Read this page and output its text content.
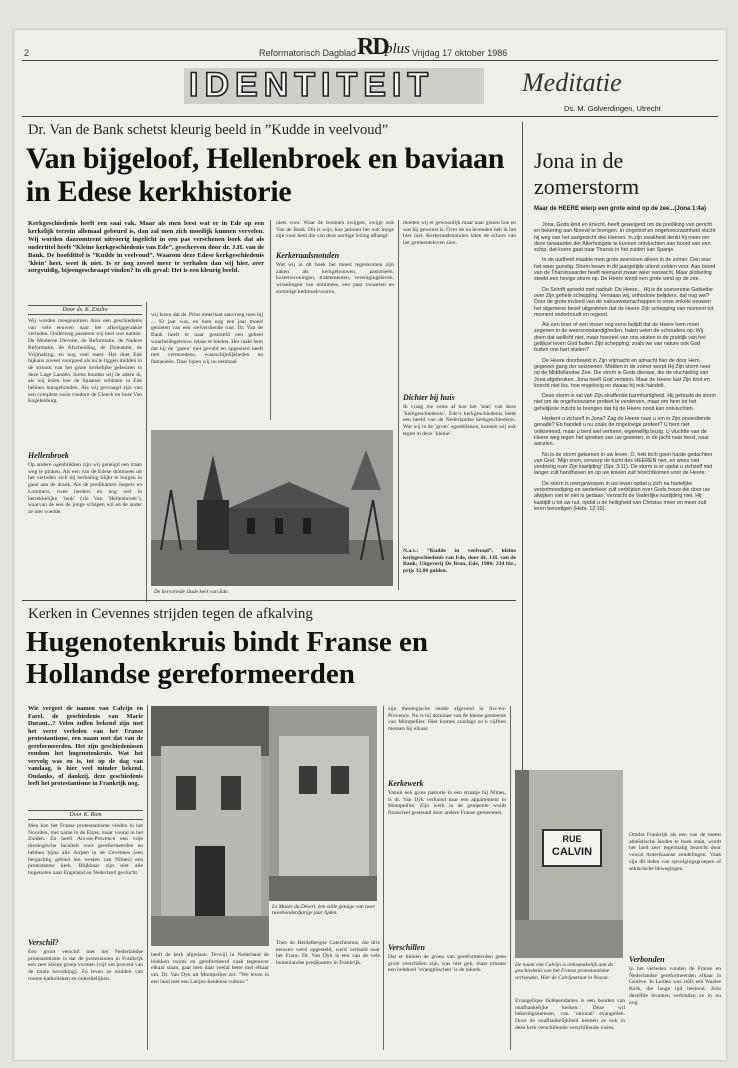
2	Reformatorisch Dagblad RD
plus Vrijdag 17 oktober 1986
IDENTITEIT	Meditatie
Ds. M. Golverdingen, Utrecht
Dr. Van de Bank schetst kleurig beeld in ”Kudde in veelvoud”
Van bijgeloof, Hellenbroek en baviaan in Edese kerkhistorie
Kerkgeschiedenis heeft een saai vak. Maar als men leest wat er in Ede op een kerkelijk terrein allemaal gebeurd is, dan zal men zich moeilijk kunnen vervelen. Wij worden daaromtrent uitvoerig ingelicht in een pas verschenen boek dat als ondertitel heeft ”Kleine kerkgeschiedenis van Ede”, geschreven door dr. J.H. van de Bank. De hoofdtitel is ”Kudde in veelvoud”. Waarom deze Edese kerkgeschiedenis ’klein’ heet, weet ik niet. Is er nog zoveel meer te verhalen dan wij hier, zeer zorgvuldig, bijeengeschraapt vinden? In elk geval: Het is een kleurig beeld.
Door ds. K. Exalto
Wij worden meegenomen door een geschiedenis van vele eeuwen naar het afkeriggeraakte verleden. Onderweg passeren wij heel wat namen. De Moderne Devotie, de Reformatie, de Nadere Reformatie, de Afscheiding, de Doleantie, de Vrijmaking, en nog veel meer. Het doet Ede bijkans zoveel voorgoed als nu te liggen midden in de stroom van het grote kerkelijke gebeuren in deze Lage Landen. Soms houden wij de adem in, als wij lezen hoe de Spaanse soldaten in Ede hebben huisgehouden. Als wij gevraagd zijn van een complete ruzie rondom de Cleeck en boer Van Engelenburg.
Hellenbroek
Op andere ogenblikken zijn wij geneigd een traan weg te pinken. Als een van de Edese dominees uit het verleden zich bij herhaling blijkt te buigen in gaan aan de drank. Als de predikanten Jaspers en Lommers, twee herders en nog wel in betrekkelijke ’lenk’ (zie Van ’Hellenbroek’), waarvan de een de jonge schapen wil en de ander ze niet voedde.
wij lezen dat ds. Prins emeritaat aanvroeg toen hij ... 92 jaar was, en toen nog een jaar moest genieten van een welverdiende rust. Dr. Van de Bank heeft er naar gestreefd een geheel waarheidsgetrouw relaas te bieden. Het raakt hem dat hij de ’gaten’ niet gevuld en opgesierd heeft met vermoedens, waarschijnlijkheden en fantasieën. Daar lopen wij nu eenmaal
De hervormde Oude kerk van Ede.
niets voor. Waar de bronnen zwijgen, zwijgt ook Van de Bank. Dit is wijs; hoe jammer het ook moge zijn voor hem die van deze aardige lezing afhangt.
Kerkeraadsnotulen
Wat wij in dit boek het meest tegenkomen zijn zaken als kerkgebouwen, pastorieën, kosterswoningen, traktementen, verenigingsleven, wisselingen van dominees, een paar zwaarten en sommige kerkboekvooren.
moeten wij er gewoonlijk maar naar gissen hoe en wat hij gewenst is. Over de na levenden heb ik het hier niet. Kerkeraadsnotulen laten de schors van het gemeenteleven zien.
Dichter bij huis
Ik vraag me soms af hoe het ’mat’ van deze ’kerkgeschiedenis’. Ede’s kerkgeschiedenis biedt een beeld van de Nederlandse kerkgeschiedenis. Wat wij in de ’grote’ ogenblikken, kunnen wij ook tegen in deze ’kleine’.
N.a.v.: ”Kudde in veelvoud”, kleine kerkgeschiedenis van Ede, door dr. J.H. van de Bank; Uitgeverij De Bron, Ede, 1986; 234 blz., prijs 32,80 gulden.
Jona in de zomerstorm
Maar de HEERE wierp een grote wind op de zee...(Jona 1:4a)

Jona, Gods kind en knecht, heeft geweigerd om de prediking van gericht en bekering aan Ninevé te brengen. In ongeloof en ongehoorzaamheid vlucht hij weg van het aangezicht des Heeren. In zijn zwakheid denkt hij meer om deze bewaarder der Allerhoogste te kunnen ontvluchten aan boord van een schip, dat koers gaat naar Tharsis in het zuiden van Spanje.

In de oudheid maakte men grote zeereisen alleen in de zomer. Dan was het weer gunstig. Storm kwam in dit jaargetijde uiterst zelden voor. Aan boord van de Tharsisvaarder heeft niemand zwaar weer verwacht. Maar plotseling steekt een hevige storm op. De Heere werpt een grote wind op de zee.

De Schrift spreekt met nadruk: De Heere... Hij is de soevereine Gebieder over Zijn gehele schepping. Verstaan wij, orthodoxe belijders, dat nog wel? Door de grote invloed van de natuurwetenschappen is onze enkele eeuwen het algemene besef uitgesleten dat de Heere Zijn schepping van moment tot moment onderhoudt en regeert.

Als een boer of een visser nog eens belijdt dat de Heere hem moet zegenen in de weersomstandigheden, halen velen de schouders op. Wij doen dat wellicht niet, maar hoeveel van ons stuiten in de praktijk van het gelijkse leven God buiten Zijn schepping, zoals we van nature ook God buiten ons hart sluiten?

De Heere doorbreekt in Zijn vrijmacht en almacht hier de door Hem gegeven gang der seizoenen. Midden in de zomer werpt Hij Zijn storm neer op de Middellandse Zee. Die storm is Gods dienaar, die de vluchteling van Jona afgebroken. Jona heeft God verlaten. Maar de Heere laat Zijn kind en knecht niet los, hoe ongelovig en dwaas hij ook handelt.

Deze storm is val van Zijn straffende barmhartigheid. Hij gebruikt de storm niet om de ongehoorzame profeet te verderven, maar om hem tot het gehelijkste inzicht te brengen dat hij de Heere nooit kan ontvluchten.

Herkent u zichzelf in Jona? Zag de Heere naar u om in Zijn onverdiende genade? En handelt u nu zoals de ongelovige profeet? U bent niet ontkomend, maar u bent wel verloren, eigenwillig bezig. U vluchtte van de Heere weg tegen het spreken van uw geweten, in de jacht naar feest, naar aanzien.

Nu is de storm gekomen in uw leven. O, heb toch geen harde gedachten van God. ’Mijn zoon, verwerp de tucht des HEEREN niet, en wees niet verdrietig over Zijn kastijding’ (Spr. 3:11). De storm is er opdat u zichzelf niet langer zult handhaven en op uw knieën zult terechtkomen voor de Heere.

De storm is neergeworpen in uw leven opdat u zich na hartelijke verootmoediging en wederkeer zult verblijden over Gods trouw die door uw afwijken niet te niet is gedaan. Verzacht de Vaderlijke kastijding niet. Hij kastijdt u tot uw nut, opdat u de heiligheid van Christus meer en meer zult leren benodigen (Hebr. 12:10).

Kerken in Cevennes strijden tegen de afkalving
Hugenotenkruis bindt Franse en Hollandse gereformeerden
Wie vergeet de namen van Calvijn en Farel, de geschiedenis van Marie Durant...? Velen zullen bekend zijn met het verre verleden van het Franse protestantisme, een naam met dat van de gereformeerden. Het zijn geschiedenissen rondom het hugenotenkruis. Wat het vervolg was en is, tot op de dag van vandaag, is hier veel minder bekend. Ondanks, of dankzij, deze geschiedenis leeft het protestantisme in Frankrijk nog.
Door K. Rom
Men kan het Franse protestantisme vinden in het Noorden, met name in de Elzas, maar vooral in het Zuiden. Zo heeft Aix-en-Provence een vrije theologische faculteit voor gereformeerden en hebben bijna alle dorpen in de Cevennes (een bergachtig gebied ten westen van Nîmes) een protestantse kerk. Blijkbaar zijn niet alle hugenoten naar Engeland en Nederland gevlucht.
Verschil?
Een groot verschil met het Nederlandse protestantisme is dat de protestanten in Frankrijk een zeer kleine groep vormen (vijf om procent van de totale bevolking). Zo leven ze midden van rooms-katholieken en onkerkelijken.
Le Musée du Désert, een stille getuige van twee tweehonderdjarige jaar lijden.
heeft de kerk afgedaan. Terwijl in Nederland de blokken rooms en gereformeerd vaak tegenover elkaar staan, gaat men daar veelal beter met elkaar om. Dr. Van Dyk uit Montpellier zei: ”We leven in een land met een Latijns-heidense cultuur.”
Toen de Heidelbergse Catechismus, die drie eeuwen werd opgesteld, werd vertaald naar het Frans. Dr. Van Dyk is een van de vele buitenlandse predikanten in Frankrijk.
zijn theologische studie afgerond in Aix-en-Provence. Nu is hij dominee van de kleine gemeente van Montpellier. Hier komen zondags zo’n vijftien mensen bij elkaar.
Kerkewerk
Vanuit een grote pastorie in een straatje bij Nîmes, is dr. Van Dyk verhuisd naar een appartement in Montpellier. Zijn werk in de gemeente wordt financieel gesteund door andere Franse gemeenten.
Verschillen
Dat er binnen de groep van gereformeerden geen grote verschillen zijn, was niet gek, maar ernaast een heleboel ’evangelischen’ is de inkerk.
RUE
CALVIN
De naam van Calvijn is onlosmakelijk aan de geschiedenis van het Franse protestantisme verbonden. Hier de Calvijnstraat in Noyon.
Evangelique Indépendantes is een bonden van onafhankelijke kerken. Deze wil bekeringsmensen, van ’rational’ evangeliën. Door de onafhankelijkheid kennen ze ook in deze kerk verschillende verschillende visies.
Omdat Frankrijk als een van de meest atheïstische landen te boek staat, wordt het land zeer regelmatig bezocht door vooral Amerikaanse zendelingen. Vaak zijn dit leden van opvolgingsgroepen of sektarische bewegingen.
Verbonden
In het verleden vonden de Franse en Nederlandse gereformeerden elkaar in Genève. In Leiden was zelfs een Waalse Kerk, die lange tijd bestond. Juist dezelfde bronnen verbinden ze in nu nog.
